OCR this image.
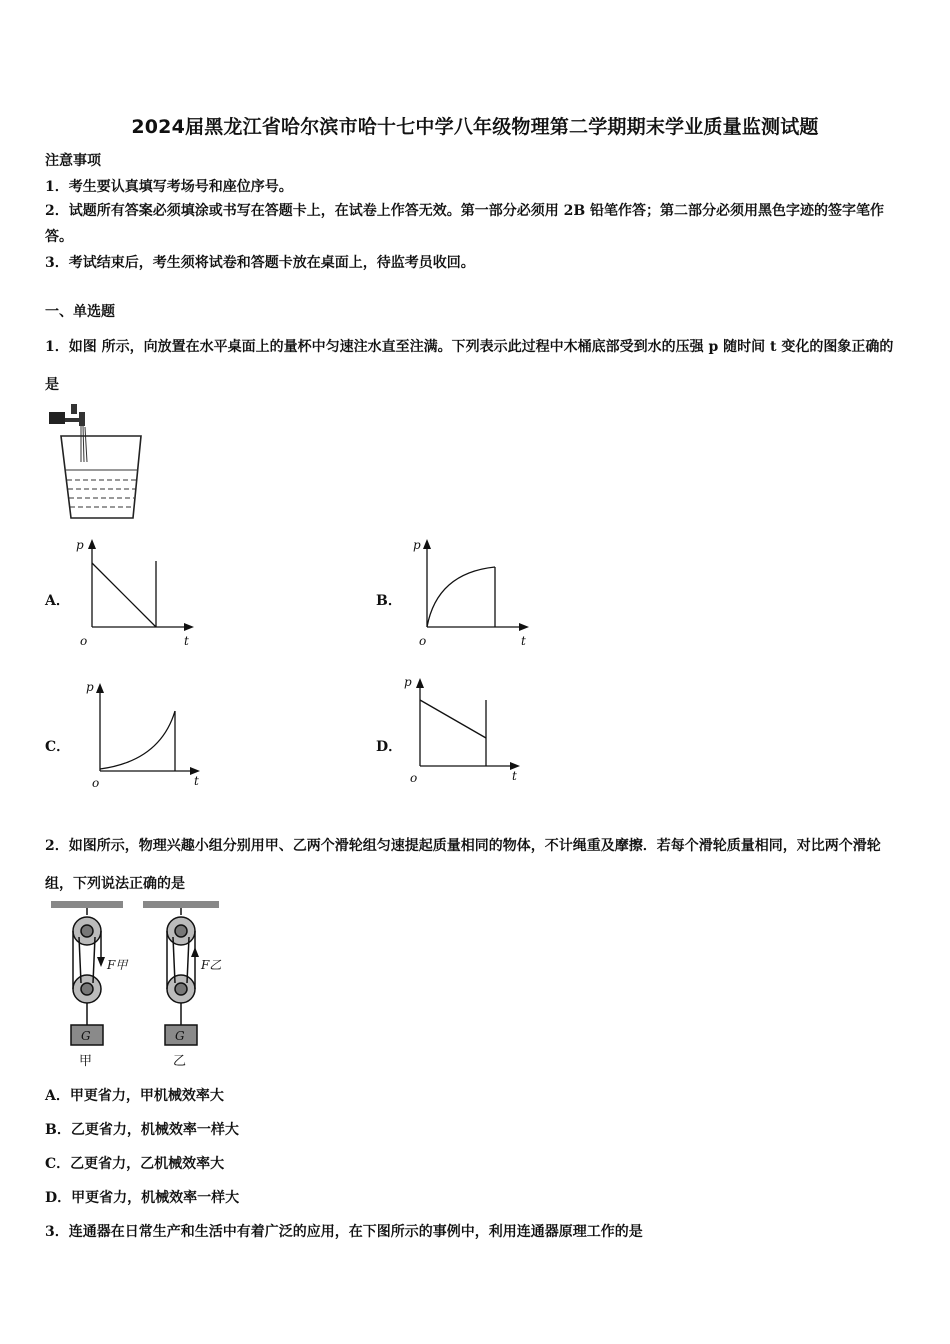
2024届黑龙江省哈尔滨市哈十七中学八年级物理第二学期期末学业质量监测试题
注意事项
1．考生要认真填写考场号和座位序号。
2．试题所有答案必须填涂或书写在答题卡上，在试卷上作答无效。第一部分必须用 2B 铅笔作答；第二部分必须用黑色字迹的签字笔作答。
3．考试结束后，考生须将试卷和答题卡放在桌面上，待监考员收回。
一、单选题
1．如图 所示，向放置在水平桌面上的量杯中匀速注水直至注满。下列表示此过程中木桶底部受到水的压强 p 随时间 t 变化的图象正确的是
A．
p
t
o
B．
p
t
o
C．
p
t
o
D．
p
t
o
2．如图所示，物理兴趣小组分别用甲、乙两个滑轮组匀速提起质量相同的物体，不计绳重及摩擦．若每个滑轮质量相同，对比两个滑轮组，下列说法正确的是
F甲
G
甲
F乙
G
乙
A．甲更省力，甲机械效率大
B．乙更省力，机械效率一样大
C．乙更省力，乙机械效率大
D．甲更省力，机械效率一样大
3．连通器在日常生产和生活中有着广泛的应用，在下图所示的事例中，利用连通器原理工作的是
